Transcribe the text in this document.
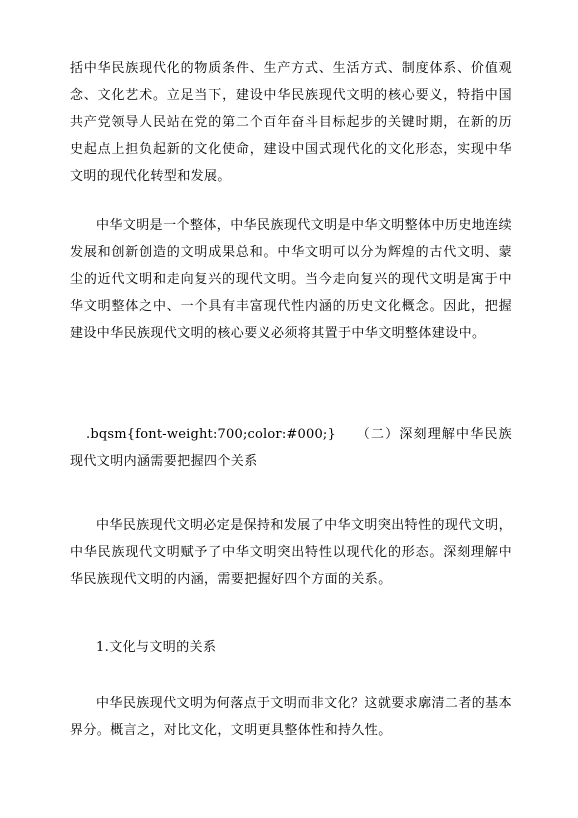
括中华民族现代化的物质条件、生产方式、生活方式、制度体系、价值观念、文化艺术。立足当下，建设中华民族现代文明的核心要义，特指中国共产党领导人民站在党的第二个百年奋斗目标起步的关键时期，在新的历史起点上担负起新的文化使命，建设中国式现代化的文化形态，实现中华文明的现代化转型和发展。

中华文明是一个整体，中华民族现代文明是中华文明整体中历史地连续发展和创新创造的文明成果总和。中华文明可以分为辉煌的古代文明、蒙尘的近代文明和走向复兴的现代文明。当今走向复兴的现代文明是寓于中华文明整体之中、一个具有丰富现代性内涵的历史文化概念。因此，把握建设中华民族现代文明的核心要义必须将其置于中华文明整体建设中。

.bqsm{font-weight:700;color:#000;} （二）深刻理解中华民族现代文明内涵需要把握四个关系

中华民族现代文明必定是保持和发展了中华文明突出特性的现代文明，中华民族现代文明赋予了中华文明突出特性以现代化的形态。深刻理解中华民族现代文明的内涵，需要把握好四个方面的关系。

1.文化与文明的关系

中华民族现代文明为何落点于文明而非文化？这就要求廓清二者的基本界分。概言之，对比文化，文明更具整体性和持久性。
